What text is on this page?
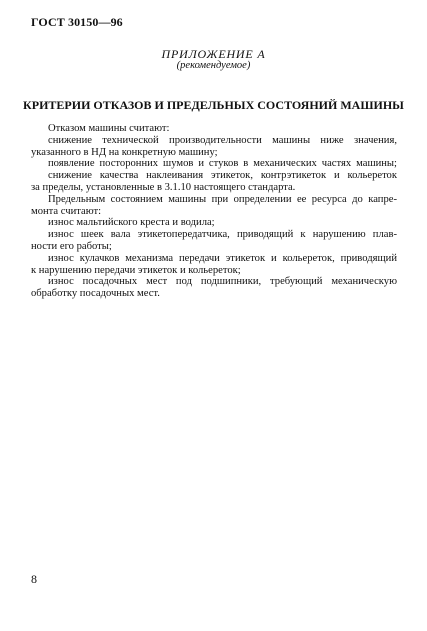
ГОСТ 30150—96
ПРИЛОЖЕНИЕ А
(рекомендуемое)
КРИТЕРИИ ОТКАЗОВ И ПРЕДЕЛЬНЫХ СОСТОЯНИЙ МАШИНЫ
Отказом машины считают:
снижение технической производительности машины ниже значения,
указанного в НД на конкретную машину;
появление посторонних шумов и стуков в механических частях машины;
снижение качества наклеивания этикеток, контрэтикеток и кольереток
за пределы, установленные в 3.1.10 настоящего стандарта.
Предельным состоянием машины при определении ее ресурса до капре-
монта считают:
износ мальтийского креста и водила;
износ шеек вала этикетопередатчика, приводящий к нарушению плав-
ности его работы;
износ кулачков механизма передачи этикеток и кольереток, приводящий
к нарушению передачи этикеток и кольереток;
износ посадочных мест под подшипники, требующий механическую
обработку посадочных мест.
8
